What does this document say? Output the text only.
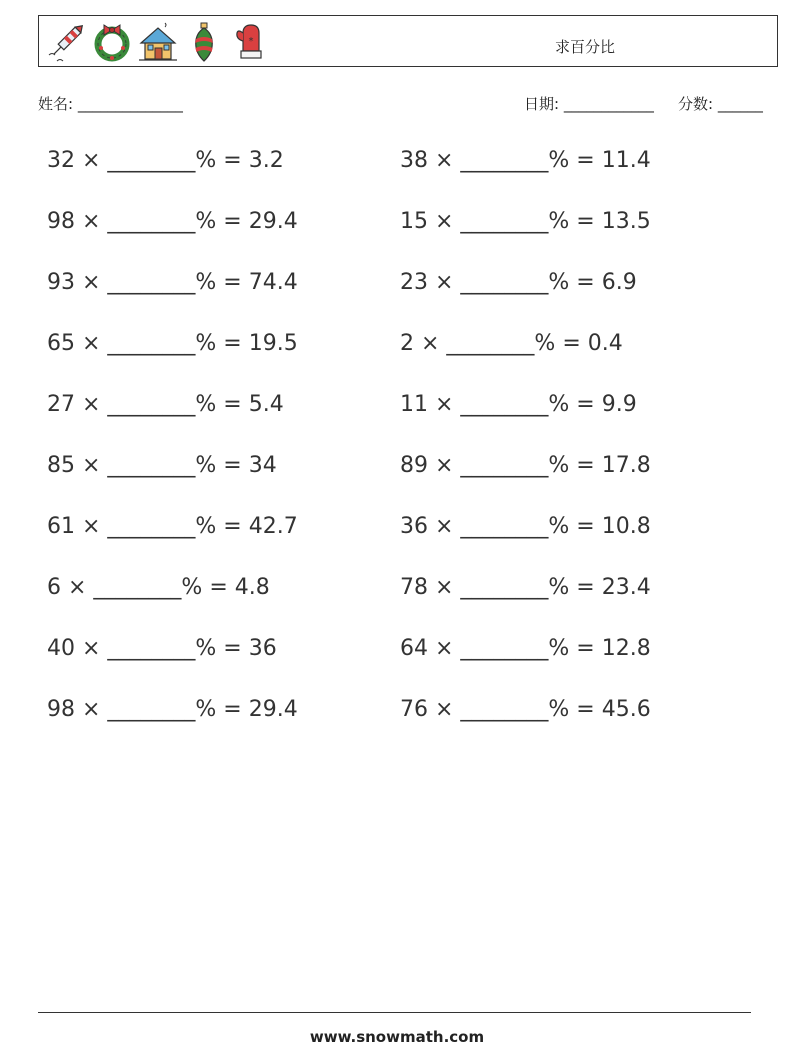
*	求百分比
姓名: ______________	日期: ____________ 分数: ______
32 × ________% = 3.2
98 × ________% = 29.4
93 × ________% = 74.4
65 × ________% = 19.5
27 × ________% = 5.4
85 × ________% = 34
61 × ________% = 42.7
6 × ________% = 4.8
40 × ________% = 36
98 × ________% = 29.4
38 × ________% = 11.4
15 × ________% = 13.5
23 × ________% = 6.9
2 × ________% = 0.4
11 × ________% = 9.9
89 × ________% = 17.8
36 × ________% = 10.8
78 × ________% = 23.4
64 × ________% = 12.8
76 × ________% = 45.6
www.snowmath.com
